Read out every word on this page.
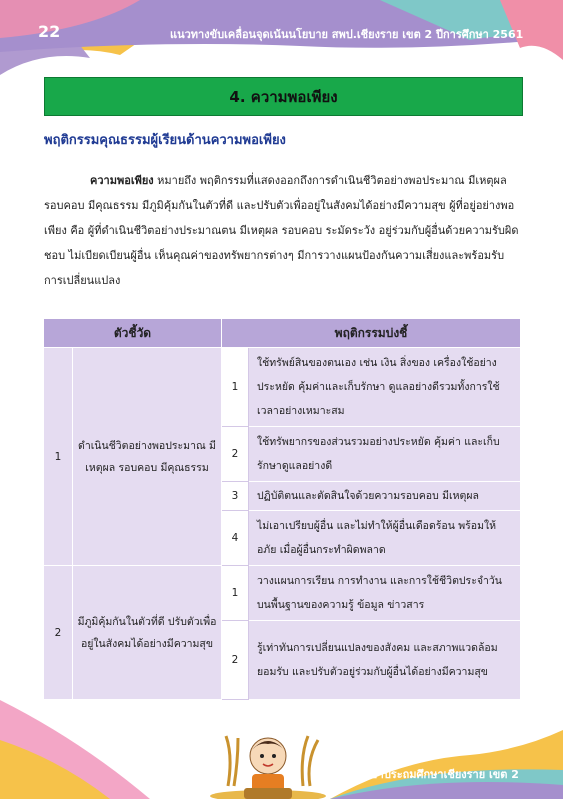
22	แนวทางขับเคลื่อนจุดเน้นนโยบาย สพป.เชียงราย เขต 2 ปีการศึกษา 2561
4. ความพอเพียง
พฤติกรรมคุณธรรมผู้เรียนด้านความพอเพียง
ความพอเพียง หมายถึง พฤติกรรมที่แสดงออกถึงการดำเนินชีวิตอย่างพอประมาณ มีเหตุผล รอบคอบ มีคุณธรรม มีภูมิคุ้มกันในตัวที่ดี และปรับตัวเพื่ออยู่ในสังคมได้อย่างมีความสุข ผู้ที่อยู่อย่างพอเพียง คือ ผู้ที่ดำเนินชีวิตอย่างประมาณตน มีเหตุผล รอบคอบ ระมัดระวัง อยู่ร่วมกับผู้อื่นด้วยความรับผิดชอบ ไม่เบียดเบียนผู้อื่น เห็นคุณค่าของทรัพยากรต่างๆ มีการวางแผนป้องกันความเสี่ยงและพร้อมรับการเปลี่ยนแปลง
ตัวชี้วัด		พฤติกรรมบ่งชี้	
1	ดำเนินชีวิตอย่างพอประมาณ มีเหตุผล รอบคอบ มีคุณธรรม	1	ใช้ทรัพย์สินของตนเอง เช่น เงิน สิ่งของ เครื่องใช้อย่างประหยัด คุ้มค่าและเก็บรักษา ดูแลอย่างดีรวมทั้งการใช้เวลาอย่างเหมาะสม
		2	ใช้ทรัพยากรของส่วนรวมอย่างประหยัด คุ้มค่า และเก็บรักษาดูแลอย่างดี
		3	ปฏิบัติตนและตัดสินใจด้วยความรอบคอบ มีเหตุผล
		4	ไม่เอาเปรียบผู้อื่น และไม่ทำให้ผู้อื่นเดือดร้อน พร้อมให้อภัย เมื่อผู้อื่นกระทำผิดพลาด
2	มีภูมิคุ้มกันในตัวที่ดี ปรับตัวเพื่ออยู่ในสังคมได้อย่างมีความสุข	1	วางแผนการเรียน การทำงาน และการใช้ชีวิตประจำวันบนพื้นฐานของความรู้ ข้อมูล ข่าวสาร
		2	รู้เท่าทันการเปลี่ยนแปลงของสังคม และสภาพแวดล้อม ยอมรับ และปรับตัวอยู่ร่วมกับผู้อื่นได้อย่างมีความสุข
การศึกษาประถมศึกษาเชียงราย เขต 2
